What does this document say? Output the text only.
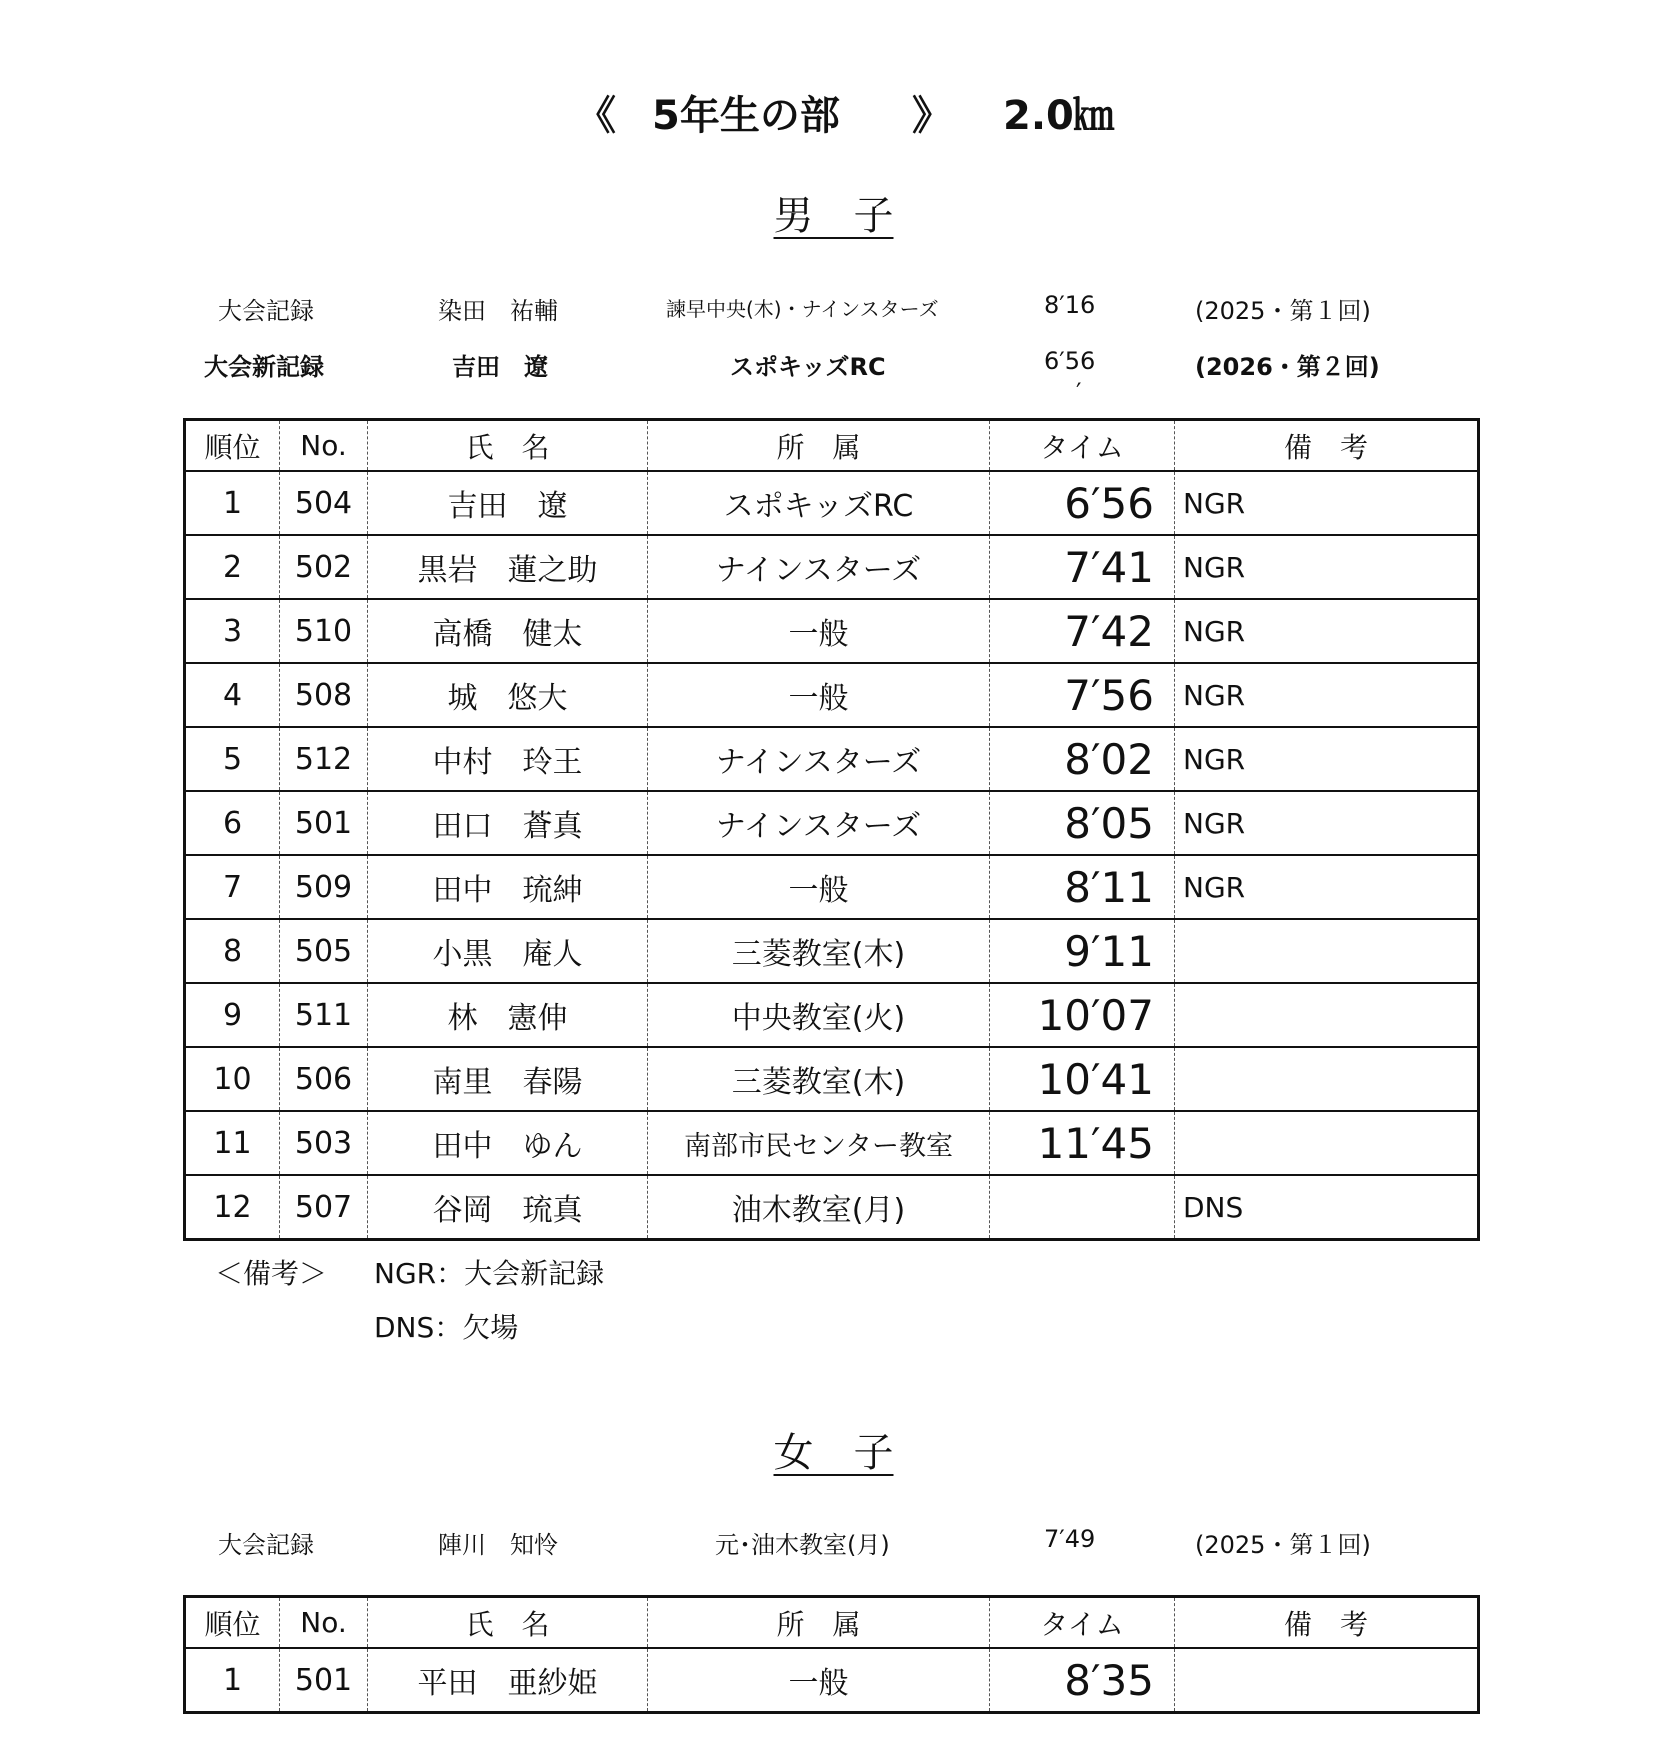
《 5年生の部 》 2.0㎞
男　子
大会記録	染田　祐輔	諫早中央(木)・ナインスターズ	8′16	(2025・第１回)
大会新記録	吉田　遼	スポキッズRC	6′56	(2026・第２回)
′
順位	No.	氏　名	所　属	タイム	備　考
1	504	吉田　遼	スポキッズRC	6′56	NGR
2	502	黒岩　蓮之助	ナインスターズ	7′41	NGR
3	510	高橋　健太	一般	7′42	NGR
4	508	城　悠大	一般	7′56	NGR
5	512	中村　玲王	ナインスターズ	8′02	NGR
6	501	田口　蒼真	ナインスターズ	8′05	NGR
7	509	田中　琉紳	一般	8′11	NGR
8	505	小黒　庵人	三菱教室(木)	9′11	
9	511	林　憲伸	中央教室(火)	10′07	
10	506	南里　春陽	三菱教室(木)	10′41	
11	503	田中　ゆん	南部市民センター教室	11′45	
12	507	谷岡　琉真	油木教室(月)		DNS
＜備考＞ NGR：大会新記録
DNS：欠場
女　子
大会記録	陣川　知怜	元･油木教室(月)	7′49	(2025・第１回)
順位	No.	氏　名	所　属	タイム	備　考
1	501	平田　亜紗姫	一般	8′35	
